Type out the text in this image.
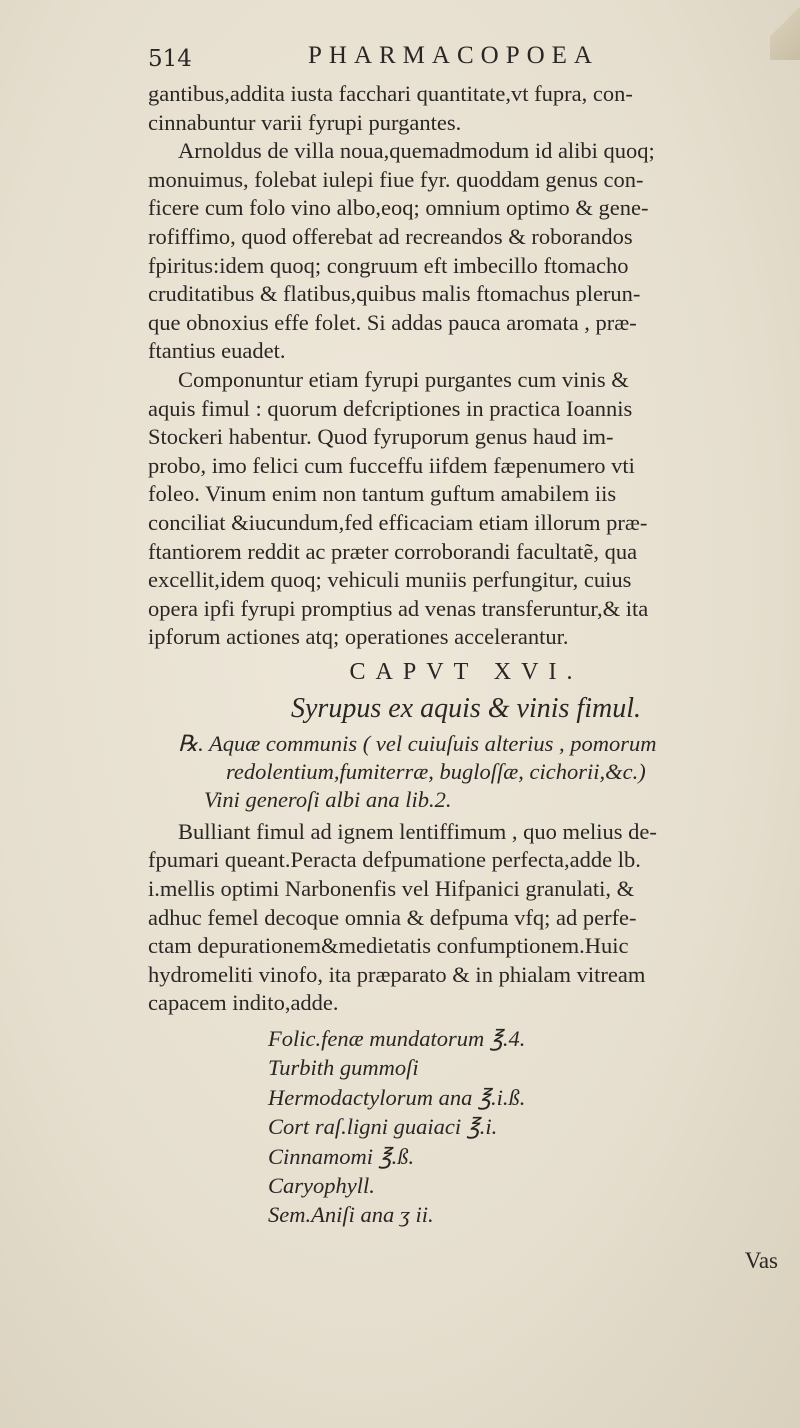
514	PHARMACOPOEA

gantibus,addita iusta facchari quantitate,vt fupra, con-
cinnabuntur varii fyrupi purgantes.

Arnoldus de villa noua,quemadmodum id alibi quoq;
monuimus, folebat iulepi fiue fyr. quoddam genus con-
ficere cum folo vino albo,eoq; omnium optimo & gene-
rofiffimo, quod offerebat ad recreandos & roborandos
fpiritus:idem quoq; congruum eft imbecillo ftomacho
cruditatibus & flatibus,quibus malis ftomachus plerun-
que obnoxius effe folet. Si addas pauca aromata , præ-
ftantius euadet.

Componuntur etiam fyrupi purgantes cum vinis &
aquis fimul : quorum defcriptiones in practica Ioannis
Stockeri habentur. Quod fyruporum genus haud im-
probo, imo felici cum fucceffu iifdem fæpenumero vti
foleo. Vinum enim non tantum guftum amabilem iis
conciliat &iucundum,fed efficaciam etiam illorum præ-
ftantiorem reddit ac præter corroborandi facultatẽ, qua
excellit,idem quoq; vehiculi muniis perfungitur, cuius
opera ipfi fyrupi promptius ad venas transferuntur,& ita
ipforum actiones atq; operationes accelerantur.

CAPVT XVI.
Syrupus ex aquis & vinis fimul.

℞. Aquæ communis ( vel cuiuſuis alterius , pomorum

redolentium,fumiterræ, bugloſſæ, cichorii,&c.)

Vini generoſi albi ana lib.2.

Bulliant fimul ad ignem lentiffimum , quo melius de-
fpumari queant.Peracta defpumatione perfecta,adde lb.
i.mellis optimi Narbonenfis vel Hifpanici granulati, &
adhuc femel decoque omnia & defpuma vfq; ad perfe-
ctam depurationem&medietatis confumptionem.Huic
hydromeliti vinofo, ita præparato & in phialam vitream
capacem indito,adde.

Folic.fenæ mundatorum ℥.4.

Turbith gummoſi

Hermodactylorum ana ℥.i.ß.

Cort raſ.ligni guaiaci ℥.i.

Cinnamomi ℥.ß.

Caryophyll.

Sem.Aniſi ana ʒ ii.

Vas
